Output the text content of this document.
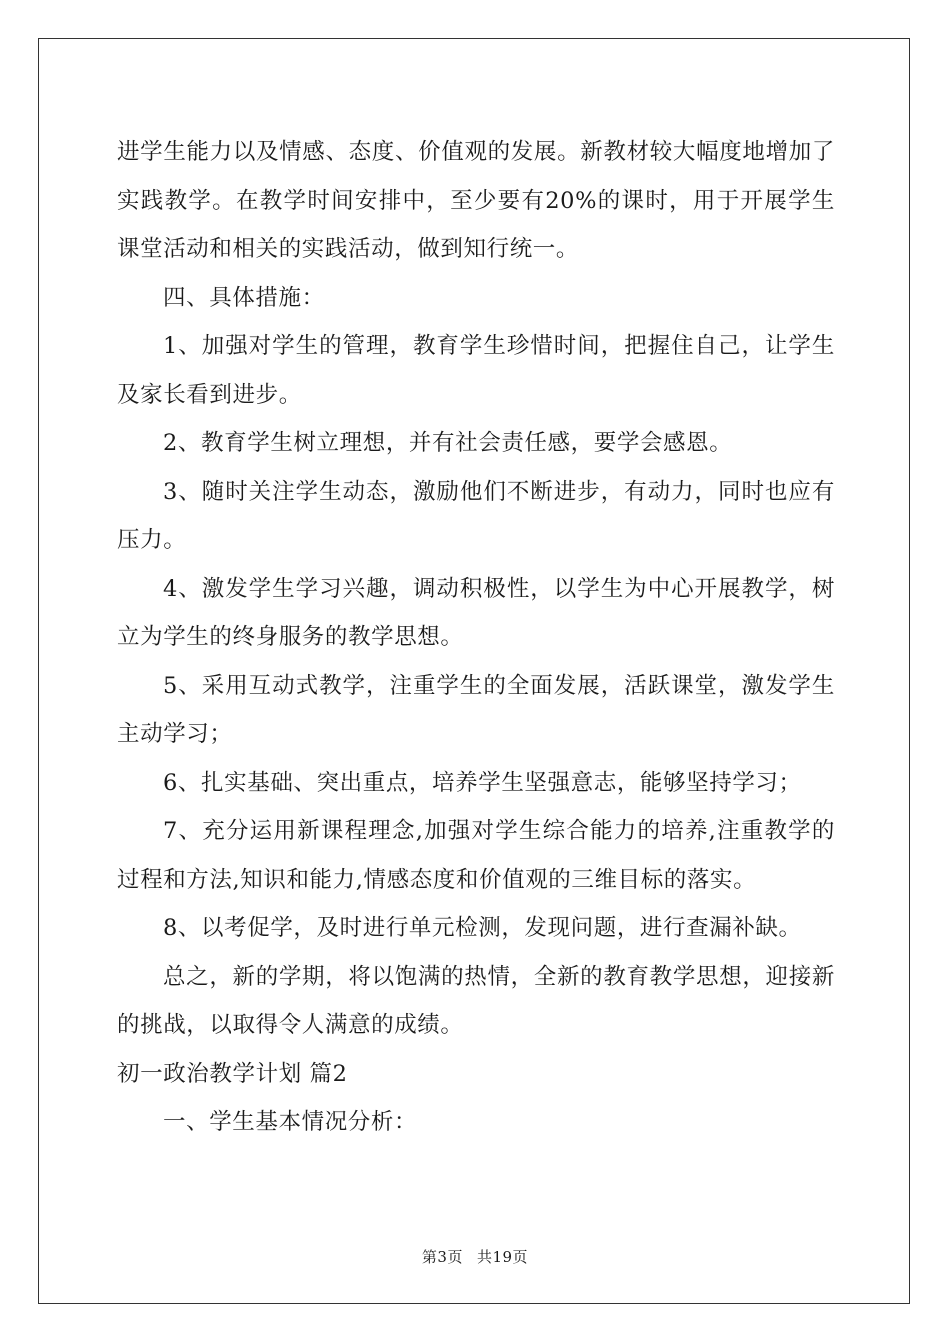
进学生能力以及情感、态度、价值观的发展。新教材较大幅度地增加了实践教学。在教学时间安排中，至少要有20%的课时，用于开展学生课堂活动和相关的实践活动，做到知行统一。

四、具体措施：

1、加强对学生的管理，教育学生珍惜时间，把握住自己，让学生及家长看到进步。

2、教育学生树立理想，并有社会责任感，要学会感恩。

3、随时关注学生动态，激励他们不断进步，有动力，同时也应有压力。

4、激发学生学习兴趣，调动积极性，以学生为中心开展教学，树立为学生的终身服务的教学思想。

5、采用互动式教学，注重学生的全面发展，活跃课堂，激发学生主动学习；

6、扎实基础、突出重点，培养学生坚强意志，能够坚持学习；

7、充分运用新课程理念,加强对学生综合能力的培养,注重教学的过程和方法,知识和能力,情感态度和价值观的三维目标的落实。

8、以考促学，及时进行单元检测，发现问题，进行查漏补缺。

总之，新的学期，将以饱满的热情，全新的教育教学思想，迎接新的挑战，以取得令人满意的成绩。

初一政治教学计划 篇2

一、学生基本情况分析：

第3页 共19页
